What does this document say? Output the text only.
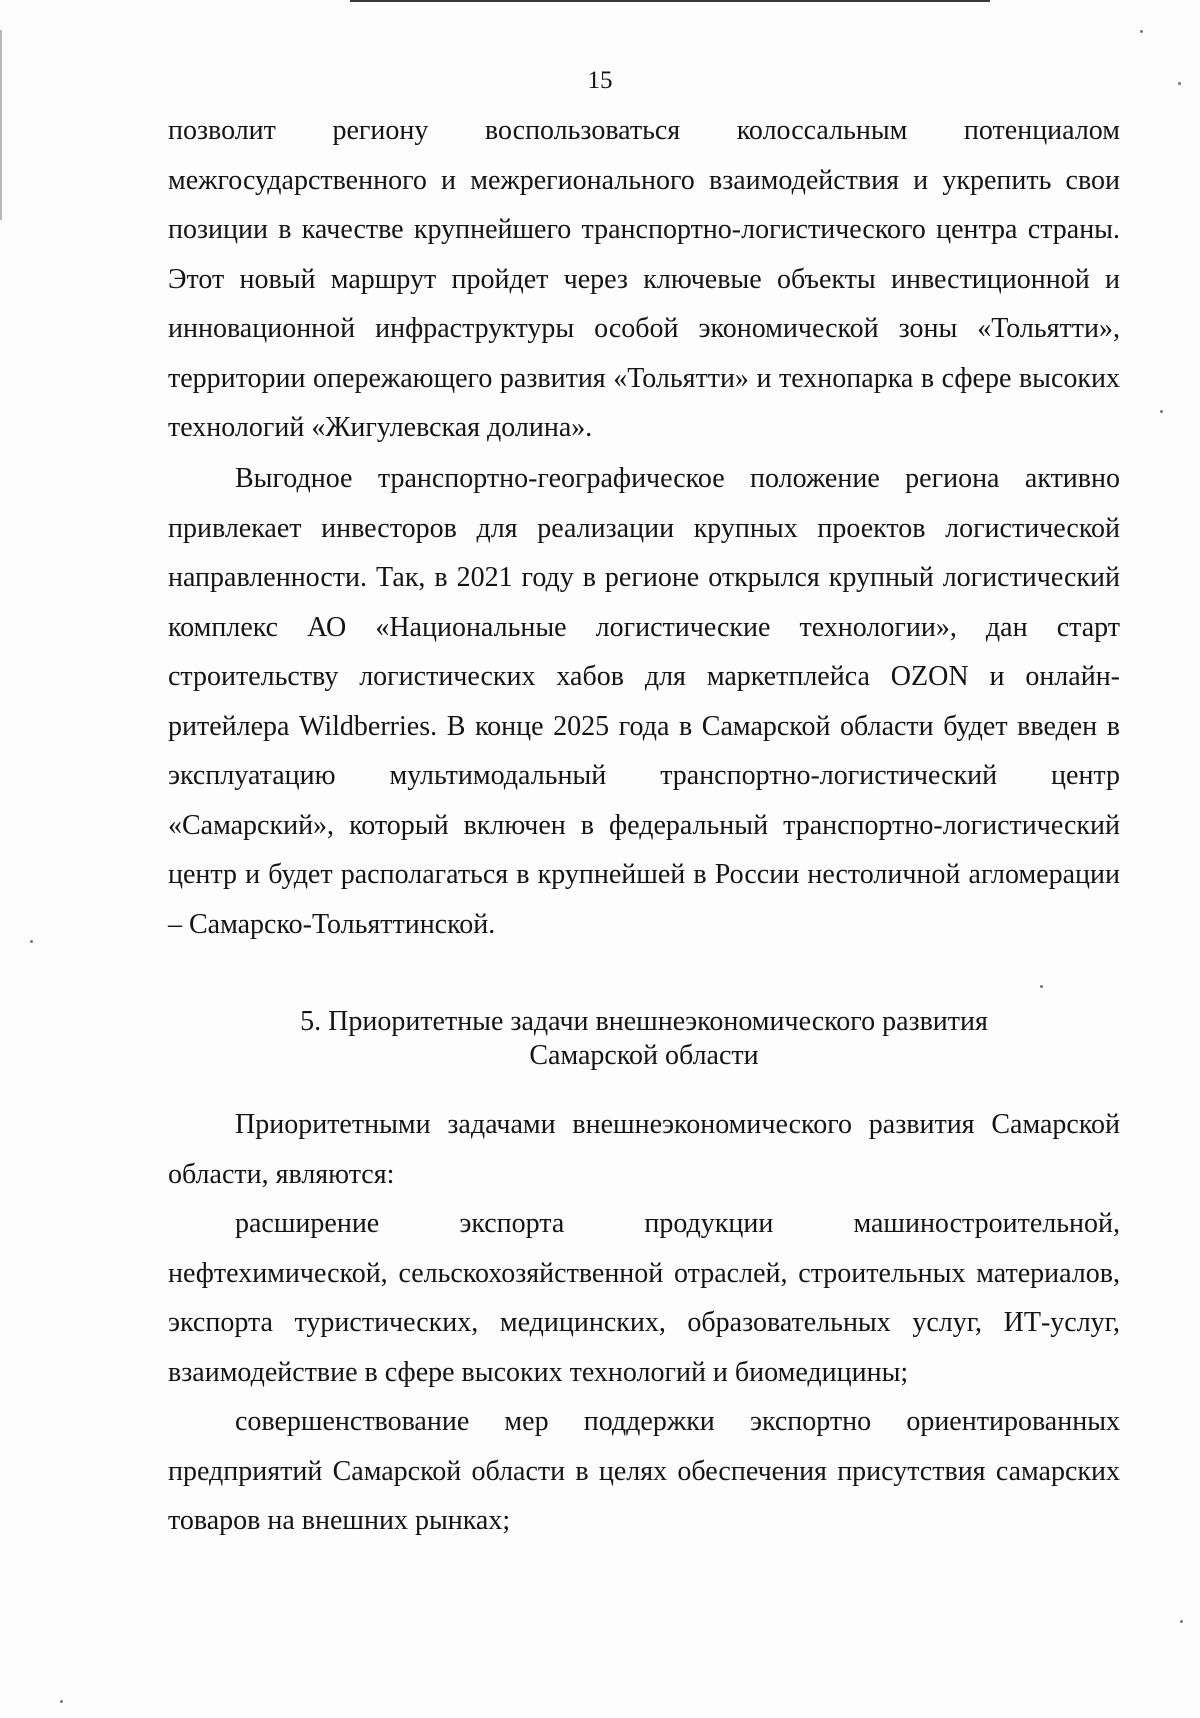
15

позволит региону воспользоваться колоссальным потенциалом межгосударственного и межрегионального взаимодействия и укрепить свои позиции в качестве крупнейшего транспортно-логистического центра страны. Этот новый маршрут пройдет через ключевые объекты инвестиционной и инновационной инфраструктуры особой экономической зоны «Тольятти», территории опережающего развития «Тольятти» и технопарка в сфере высоких технологий «Жигулевская долина».

Выгодное транспортно-географическое положение региона активно привлекает инвесторов для реализации крупных проектов логистической направленности. Так, в 2021 году в регионе открылся крупный логистический комплекс АО «Национальные логистические технологии», дан старт строительству логистических хабов для маркетплейса OZON и онлайн-ритейлера Wildberries. В конце 2025 года в Самарской области будет введен в эксплуатацию мультимодальный транспортно-логистический центр «Самарский», который включен в федеральный транспортно-логистический центр и будет располагаться в крупнейшей в России нестоличной агломерации – Самарско-Тольяттинской.

5. Приоритетные задачи внешнеэкономического развития
Самарской области

Приоритетными задачами внешнеэкономического развития Самарской области, являются:

расширение экспорта продукции машиностроительной, нефтехимической, сельскохозяйственной отраслей, строительных материалов, экспорта туристических, медицинских, образовательных услуг, ИТ-услуг, взаимодействие в сфере высоких технологий и биомедицины;

совершенствование мер поддержки экспортно ориентированных предприятий Самарской области в целях обеспечения присутствия самарских товаров на внешних рынках;
